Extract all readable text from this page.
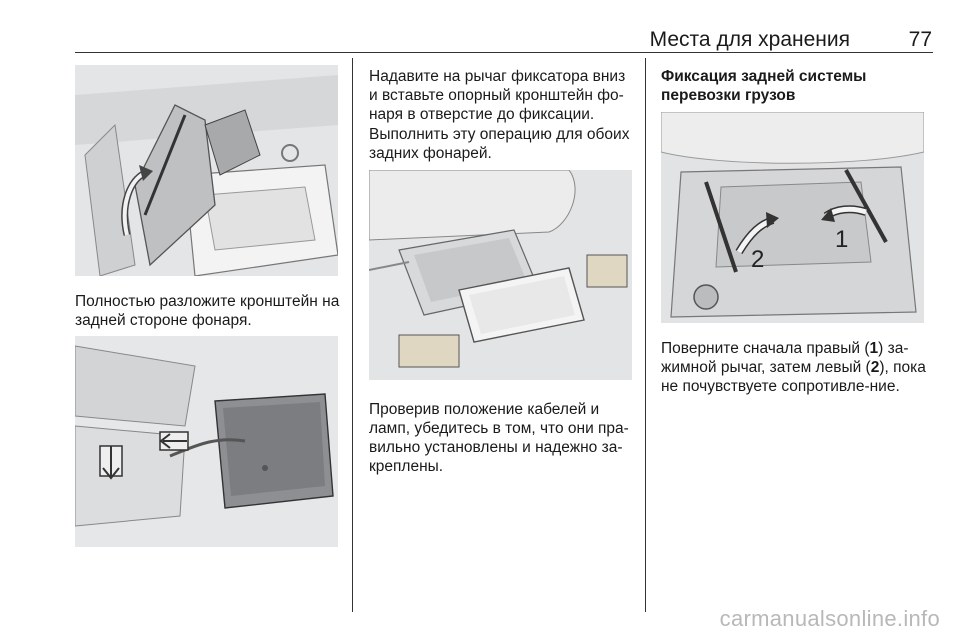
Места для хранения	77

Полностью разложите кронштейн на задней стороне фонаря.

Надавите на рычаг фиксатора вниз и вставьте опорный кронштейн фо-наря в отверстие до фиксации.

Выполнить эту операцию для обоих задних фонарей.

Проверив положение кабелей и ламп, убедитесь в том, что они пра-вильно установлены и надежно за-креплены.

Фиксация задней системы перевозки грузов

1
2

Поверните сначала правый (1) за-жимной рычаг, затем левый (2), пока не почувствуете сопротивле-ние.

carmanualsonline.info
